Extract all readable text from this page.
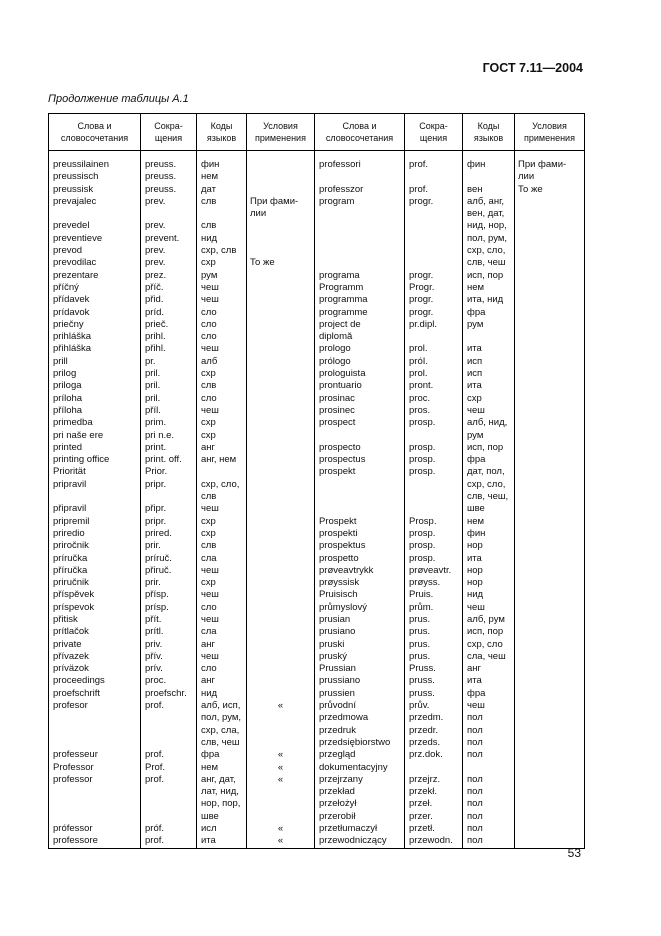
ГОСТ 7.11—2004
Продолжение таблицы А.1
Слова и словосочетания	Сокра-щения	Коды языков	Условия применения	Слова и словосочетания	Сокра-щения	Коды языков	Условия применения

preussilainen	preuss.	фин		professori	prof.	фин	При фами-
preussisch	preuss.	нем					лии
preussisk	preuss.	дат		professzor	prof.	вен	То же
prevajalec	prev.	слв	При фами-	program	progr.	алб, анг,	
			лии			вен, дат,	
prevedel	prev.	слв				нид, нор,	
preventieve	prevent.	нид				пол, рум,	
prevod	prev.	схр, слв				схр, сло,	
prevodilac	prev.	схр	То же			слв, чеш	
prezentare	prez.	рум		programa	progr.	исп, пор	
příčný	příč.	чеш		Programm	Progr.	нем	
přídavek	přid.	чеш		programma	progr.	ита, нид	
prídavok	príd.	сло		programme	progr.	фра	
priečny	prieč.	сло		project de	pr.dipl.	рум	
prihláška	prihl.	сло		diplomă			
přihláška	přihl.	чеш		prologo	prol.	ита	
prill	pr.	алб		prólogo	próI.	исп	
prilog	pril.	схр		prologuista	prol.	исп	
priloga	pril.	слв		prontuario	pront.	ита	
príloha	pril.	сло		prosinac	proc.	схр	
příloha	příl.	чеш		prosinec	pros.	чеш	
primedba	prim.	схр		prospect	prosp.	алб, нид,	
pri naše ere	pri n.e.	схр				рум	
printed	print.	анг		prospecto	prosp.	исп, пор	
printing office	print. off.	анг, нем		prospectus	prosp.	фра	
Priorität	Prior.			prospekt	prosp.	дат, пол,	
pripravil	pripr.	схр, сло,				схр, сло,	
		слв				слв, чеш,	
připravil	připr.	чеш				шве	
pripremil	pripr.	схр		Prospekt	Prosp.	нем	
priredio	prired.	схр		prospekti	prosp.	фин	
priročnik	prir.	слв		prospektus	prosp.	нор	
príručka	príruč.	сла		prospetto	prosp.	ита	
příručka	přiruč.	чеш		prøveavtrykk	prøveavtr.	нор	
priručnik	prir.	схр		prøyssisk	prøyss.	нор	
příspěvek	přísp.	чеш		Pruisisch	Pruis.	нид	
príspevok	prísp.	сло		průmyslový	prům.	чеш	
přitisk	přít.	чеш		prusian	prus.	алб, рум	
prítlačok	prítl.	сла		prusiano	prus.	исп, пор	
private	priv.	анг		pruski	prus.	схр, сло	
přívazek	přív.	чеш		pruský	prus.	сла, чеш	
prívӓzok	prív.	сло		Prussian	Pruss.	анг	
proceedings	proc.	анг		prussiano	pruss.	ита	
proefschrift	proefschr.	нид		prussien	pruss.	фра	
profesor	prof.	алб, исп,	«	průvodní	prův.	чеш	
		пол, рум,		przedmowa	przedm.	пол	
		схр, сла,		przedruk	przedr.	пол	
		слв, чеш		przedsiębiorstwo	przeds.	пол	
professeur	prof.	фра	«	przegląd	prz.dok.	пол	
Professor	Prof.	нем	«	dokumentacyjny			
professor	prof.	анг, дат,	«	przejrzany	przejrz.	пол	
		лат, нид,		przekład	przekł.	пол	
		нор, пор,		przełożył	przeł.	пол	
		шве		przerobił	przer.	пол	
prófessor	próf.	исл	«	przetłumaczył	przetł.	пол	
professore	prof.	ита	«	przewodniczący	przewodn.	пол	
53
